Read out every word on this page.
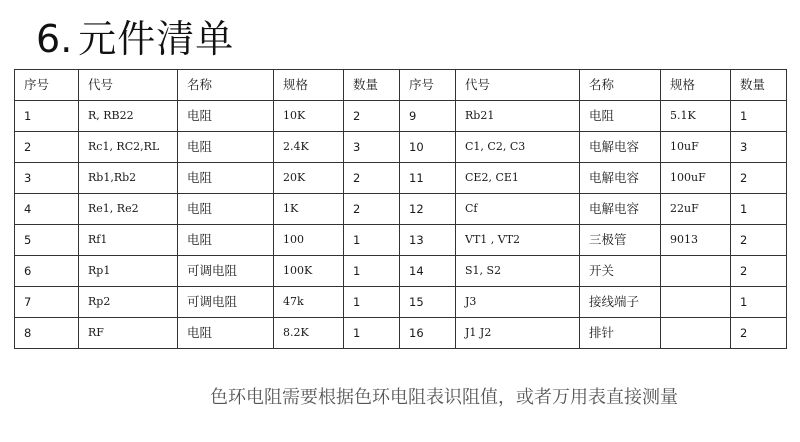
6 . 元件清单
序号	代号	名称	规格	数量	序号	代号	名称	规格	数量
1	R, RB22	电阻	10K	2	9	Rb21	电阻	5.1K	1
2	Rc1, RC2,RL	电阻	2.4K	3	10	C1, C2, C3	电解电容	10uF	3
3	Rb1,Rb2	电阻	20K	2	11	CE2, CE1	电解电容	100uF	2
4	Re1, Re2	电阻	1K	2	12	Cf	电解电容	22uF	1
5	Rf1	电阻	100	1	13	VT1 , VT2	三极管	9013	2
6	Rp1	可调电阻	100K	1	14	S1, S2	开关		2
7	Rp2	可调电阻	47k	1	15	J3	接线端子		1
8	RF	电阻	8.2K	1	16	J1 J2	排针		2
色环电阻需要根据色环电阻表识阻值，或者万用表直接测量
